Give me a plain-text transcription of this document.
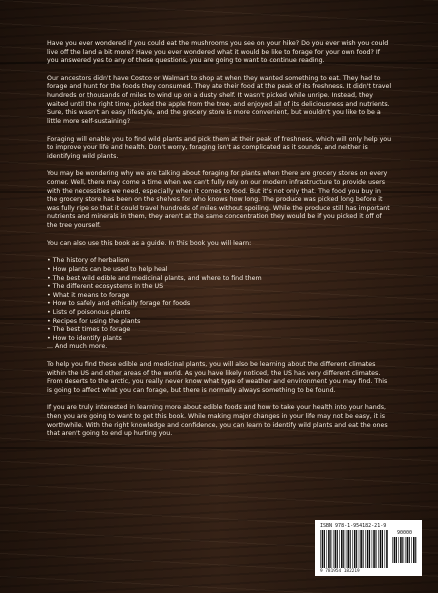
Have you ever wondered if you could eat the mushrooms you see on your hike? Do you ever wish you could live off the land a bit more? Have you ever wondered what it would be like to forage for your own food? If you answered yes to any of these questions, you are going to want to continue reading.

Our ancestors didn't have Costco or Walmart to shop at when they wanted something to eat. They had to forage and hunt for the foods they consumed. They ate their food at the peak of its freshness. It didn't travel hundreds or thousands of miles to wind up on a dusty shelf. It wasn't picked while unripe. Instead, they waited until the right time, picked the apple from the tree, and enjoyed all of its deliciousness and nutrients. Sure, this wasn't an easy lifestyle, and the grocery store is more convenient, but wouldn't you like to be a little more self-sustaining?

Foraging will enable you to find wild plants and pick them at their peak of freshness, which will only help you to improve your life and health. Don't worry, foraging isn't as complicated as it sounds, and neither is identifying wild plants.

You may be wondering why we are talking about foraging for plants when there are grocery stores on every corner. Well, there may come a time when we can't fully rely on our modern infrastructure to provide users with the necessities we need, especially when it comes to food. But it's not only that. The food you buy in the grocery store has been on the shelves for who knows how long. The produce was picked long before it was fully ripe so that it could travel hundreds of miles without spoiling. While the produce still has important nutrients and minerals in them, they aren't at the same concentration they would be if you picked it off of the tree yourself.

You can also use this book as a guide. In this book you will learn:

• The history of herbalism
• How plants can be used to help heal
• The best wild edible and medicinal plants, and where to find them
• The different ecosystems in the US
• What it means to forage
• How to safely and ethically forage for foods
• Lists of poisonous plants
• Recipes for using the plants
• The best times to forage
• How to identify plants
... And much more.

To help you find these edible and medicinal plants, you will also be learning about the different climates within the US and other areas of the world. As you have likely noticed, the US has very different climates. From deserts to the arctic, you really never know what type of weather and environment you may find. This is going to affect what you can forage, but there is normally always something to be found.

If you are truly interested in learning more about edible foods and how to take your health into your hands, then you are going to want to get this book. While making major changes in your life may not be easy, it is worthwhile. With the right knowledge and confidence, you can learn to identify wild plants and eat the ones that aren't going to end up hurting you.

ISBN 978-1-954182-21-9
90000
9 781954 182219
